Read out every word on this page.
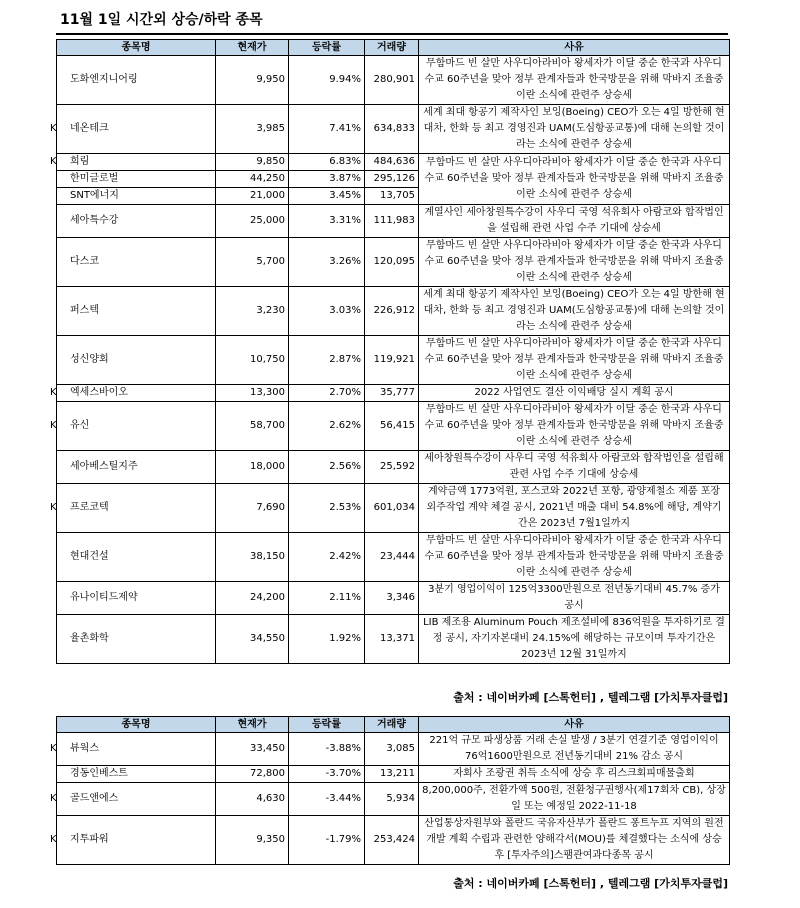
11월 1일 시간외 상승/하락 종목
종목명	현재가	등락률	거래량	사유
도화엔지니어링	9,950	9.94%	280,901	무함마드 빈 살만 사우디아라비아 왕세자가 이달 중순 한국과 사우디 수교 60주년을 맞아 정부 관계자들과 한국방문을 위해 막바지 조율중이란 소식에 관련주 상승세
K 네온테크	3,985	7.41%	634,833	세계 최대 항공기 제작사인 보잉(Boeing) CEO가 오는 4일 방한해 현대차, 한화 등 최고 경영진과 UAM(도심항공교통)에 대해 논의할 것이라는 소식에 관련주 상승세
K 희림	9,850	6.83%	484,636	무함마드 빈 살만 사우디아라비아 왕세자가 이달 중순 한국과 사우디 수교 60주년을 맞아 정부 관계자들과 한국방문을 위해 막바지 조율중이란 소식에 관련주 상승세
한미글로벌	44,250	3.87%	295,126	
SNT에너지	21,000	3.45%	13,705	
세아특수강	25,000	3.31%	111,983	계열사인 세아창원특수강이 사우디 국영 석유회사 아람코와 합작법인을 설립해 관련 사업 수주 기대에 상승세
다스코	5,700	3.26%	120,095	무함마드 빈 살만 사우디아라비아 왕세자가 이달 중순 한국과 사우디 수교 60주년을 맞아 정부 관계자들과 한국방문을 위해 막바지 조율중이란 소식에 관련주 상승세
퍼스텍	3,230	3.03%	226,912	세계 최대 항공기 제작사인 보잉(Boeing) CEO가 오는 4일 방한해 현대차, 한화 등 최고 경영진과 UAM(도심항공교통)에 대해 논의할 것이라는 소식에 관련주 상승세
성신양회	10,750	2.87%	119,921	무함마드 빈 살만 사우디아라비아 왕세자가 이달 중순 한국과 사우디 수교 60주년을 맞아 정부 관계자들과 한국방문을 위해 막바지 조율중이란 소식에 관련주 상승세
K 엑세스바이오	13,300	2.70%	35,777	2022 사업연도 결산 이익배당 실시 계획 공시
K 유신	58,700	2.62%	56,415	무함마드 빈 살만 사우디아라비아 왕세자가 이달 중순 한국과 사우디 수교 60주년을 맞아 정부 관계자들과 한국방문을 위해 막바지 조율중이란 소식에 관련주 상승세
세아베스틸지주	18,000	2.56%	25,592	세아창원특수강이 사우디 국영 석유회사 아람코와 합작법인을 설립해 관련 사업 수주 기대에 상승세
K 프로코텍	7,690	2.53%	601,034	계약금액 1773억원, 포스코와 2022년 포항, 광양제철소 제품 포장 외주작업 계약 체결 공시, 2021년 매출 대비 54.8%에 해당, 계약기간은 2023년 7월1일까지
현대건설	38,150	2.42%	23,444	무함마드 빈 살만 사우디아라비아 왕세자가 이달 중순 한국과 사우디 수교 60주년을 맞아 정부 관계자들과 한국방문을 위해 막바지 조율중이란 소식에 관련주 상승세
유나이티드제약	24,200	2.11%	3,346	3분기 영업이익이 125억3300만원으로 전년동기대비 45.7% 증가 공시
율촌화학	34,550	1.92%	13,371	LIB 제조용 Aluminum Pouch 제조설비에 836억원을 투자하기로 결정 공시, 자기자본대비 24.15%에 해당하는 규모이며 투자기간은 2023년 12월 31일까지
출처 : 네이버카페 [스톡헌터] , 텔레그램 [가치투자클럽]
종목명	현재가	등락률	거래량	사유
K 뷰웍스	33,450	-3.88%	3,085	221억 규모 파생상품 거래 손실 발생 / 3분기 연결기준 영업이익이 76억1600만원으로 전년동기대비 21% 감소 공시
경동인베스트	72,800	-3.70%	13,211	자회사 조광권 취득 소식에 상승 후 리스크회피매물출회
K 골드앤에스	4,630	-3.44%	5,934	8,200,000주, 전환가액 500원, 전환청구권행사(제17회차 CB), 상장일 또는 예정일 2022-11-18
K 지투파워	9,350	-1.79%	253,424	산업통상자원부와 폴란드 국유자산부가 폴란드 퐁트누프 지역의 원전 개발 계획 수립과 관련한 양해각서(MOU)를 체결했다는 소식에 상승 후 [투자주의]스팸관여과다종목 공시
출처 : 네이버카페 [스톡헌터] , 텔레그램 [가치투자클럽]
